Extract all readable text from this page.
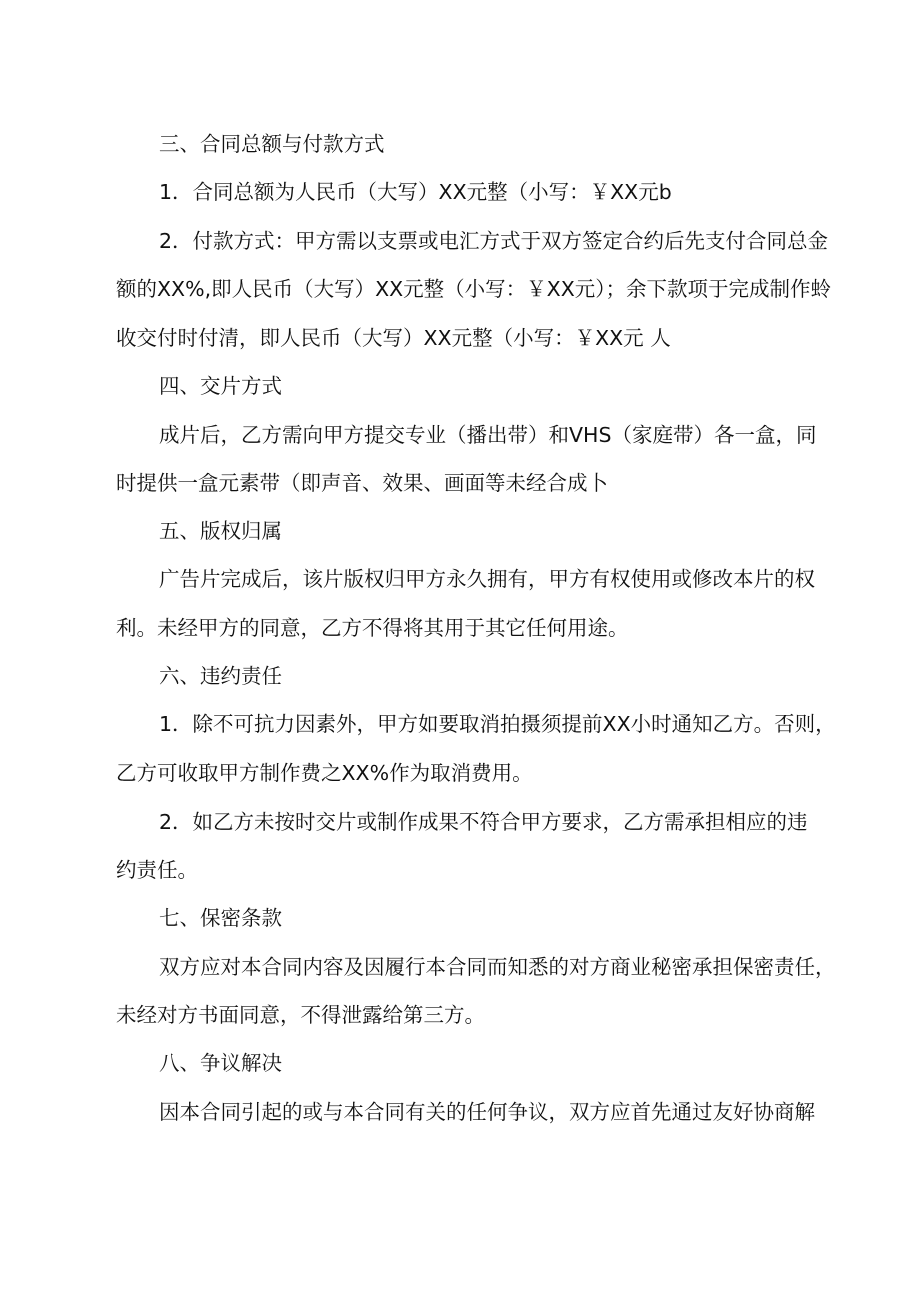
三、合同总额与付款方式
1．合同总额为人民币（大写）XX元整（小写：￥XX元b
2．付款方式：甲方需以支票或电汇方式于双方签定合约后先支付合同总金
额的XX%,即人民币（大写）XX元整（小写：￥XX元）；余下款项于完成制作蛉
收交付时付清，即人民币（大写）XX元整（小写：￥XX元 人
四、交片方式
成片后，乙方需向甲方提交专业（播出带）和VHS（家庭带）各一盒，同
时提供一盒元素带（即声音、效果、画面等未经合成卜
五、版权归属
广告片完成后，该片版权归甲方永久拥有，甲方有权使用或修改本片的权
利。未经甲方的同意，乙方不得将其用于其它任何用途。
六、违约责任
1．除不可抗力因素外，甲方如要取消拍摄须提前XX小时通知乙方。否则，
乙方可收取甲方制作费之XX%作为取消费用。
2．如乙方未按时交片或制作成果不符合甲方要求，乙方需承担相应的违
约责任。
七、保密条款
双方应对本合同内容及因履行本合同而知悉的对方商业秘密承担保密责任，
未经对方书面同意，不得泄露给第三方。
八、争议解决
因本合同引起的或与本合同有关的任何争议，双方应首先通过友好协商解
